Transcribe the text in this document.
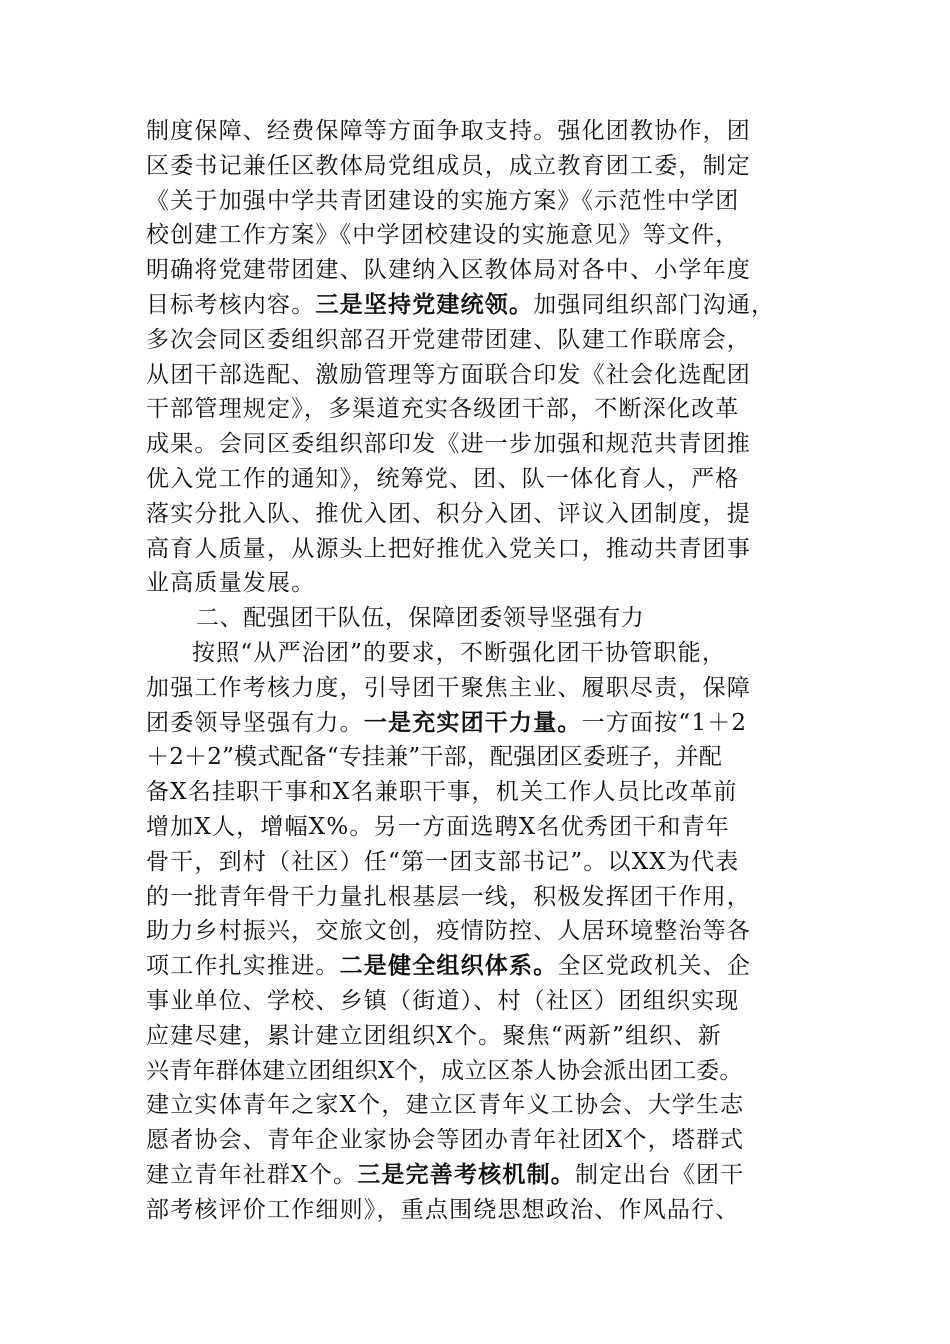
制度保障、经费保障等方面争取支持。强化团教协作，团
区委书记兼任区教体局党组成员，成立教育团工委，制定
《关于加强中学共青团建设的实施方案》《示范性中学团
校创建工作方案》《中学团校建设的实施意见》等文件，
明确将党建带团建、队建纳入区教体局对各中、小学年度
目标考核内容。三是坚持党建统领。加强同组织部门沟通，
多次会同区委组织部召开党建带团建、队建工作联席会，
从团干部选配、激励管理等方面联合印发《社会化选配团
干部管理规定》，多渠道充实各级团干部，不断深化改革
成果。会同区委组织部印发《进一步加强和规范共青团推
优入党工作的通知》，统筹党、团、队一体化育人，严格
落实分批入队、推优入团、积分入团、评议入团制度，提
高育人质量，从源头上把好推优入党关口，推动共青团事
业高质量发展。
二、配强团干队伍，保障团委领导坚强有力
按照“从严治团”的要求，不断强化团干协管职能，
加强工作考核力度，引导团干聚焦主业、履职尽责，保障
团委领导坚强有力。一是充实团干力量。一方面按“1＋2
＋2＋2”模式配备“专挂兼”干部，配强团区委班子，并配
备X名挂职干事和X名兼职干事，机关工作人员比改革前
增加X人，增幅X%。另一方面选聘X名优秀团干和青年
骨干，到村（社区）任“第一团支部书记”。以XX为代表
的一批青年骨干力量扎根基层一线，积极发挥团干作用，
助力乡村振兴，交旅文创，疫情防控、人居环境整治等各
项工作扎实推进。二是健全组织体系。全区党政机关、企
事业单位、学校、乡镇（街道）、村（社区）团组织实现
应建尽建，累计建立团组织X个。聚焦“两新”组织、新
兴青年群体建立团组织X个，成立区茶人协会派出团工委。
建立实体青年之家X个，建立区青年义工协会、大学生志
愿者协会、青年企业家协会等团办青年社团X个，塔群式
建立青年社群X个。三是完善考核机制。制定出台《团干
部考核评价工作细则》，重点围绕思想政治、作风品行、
